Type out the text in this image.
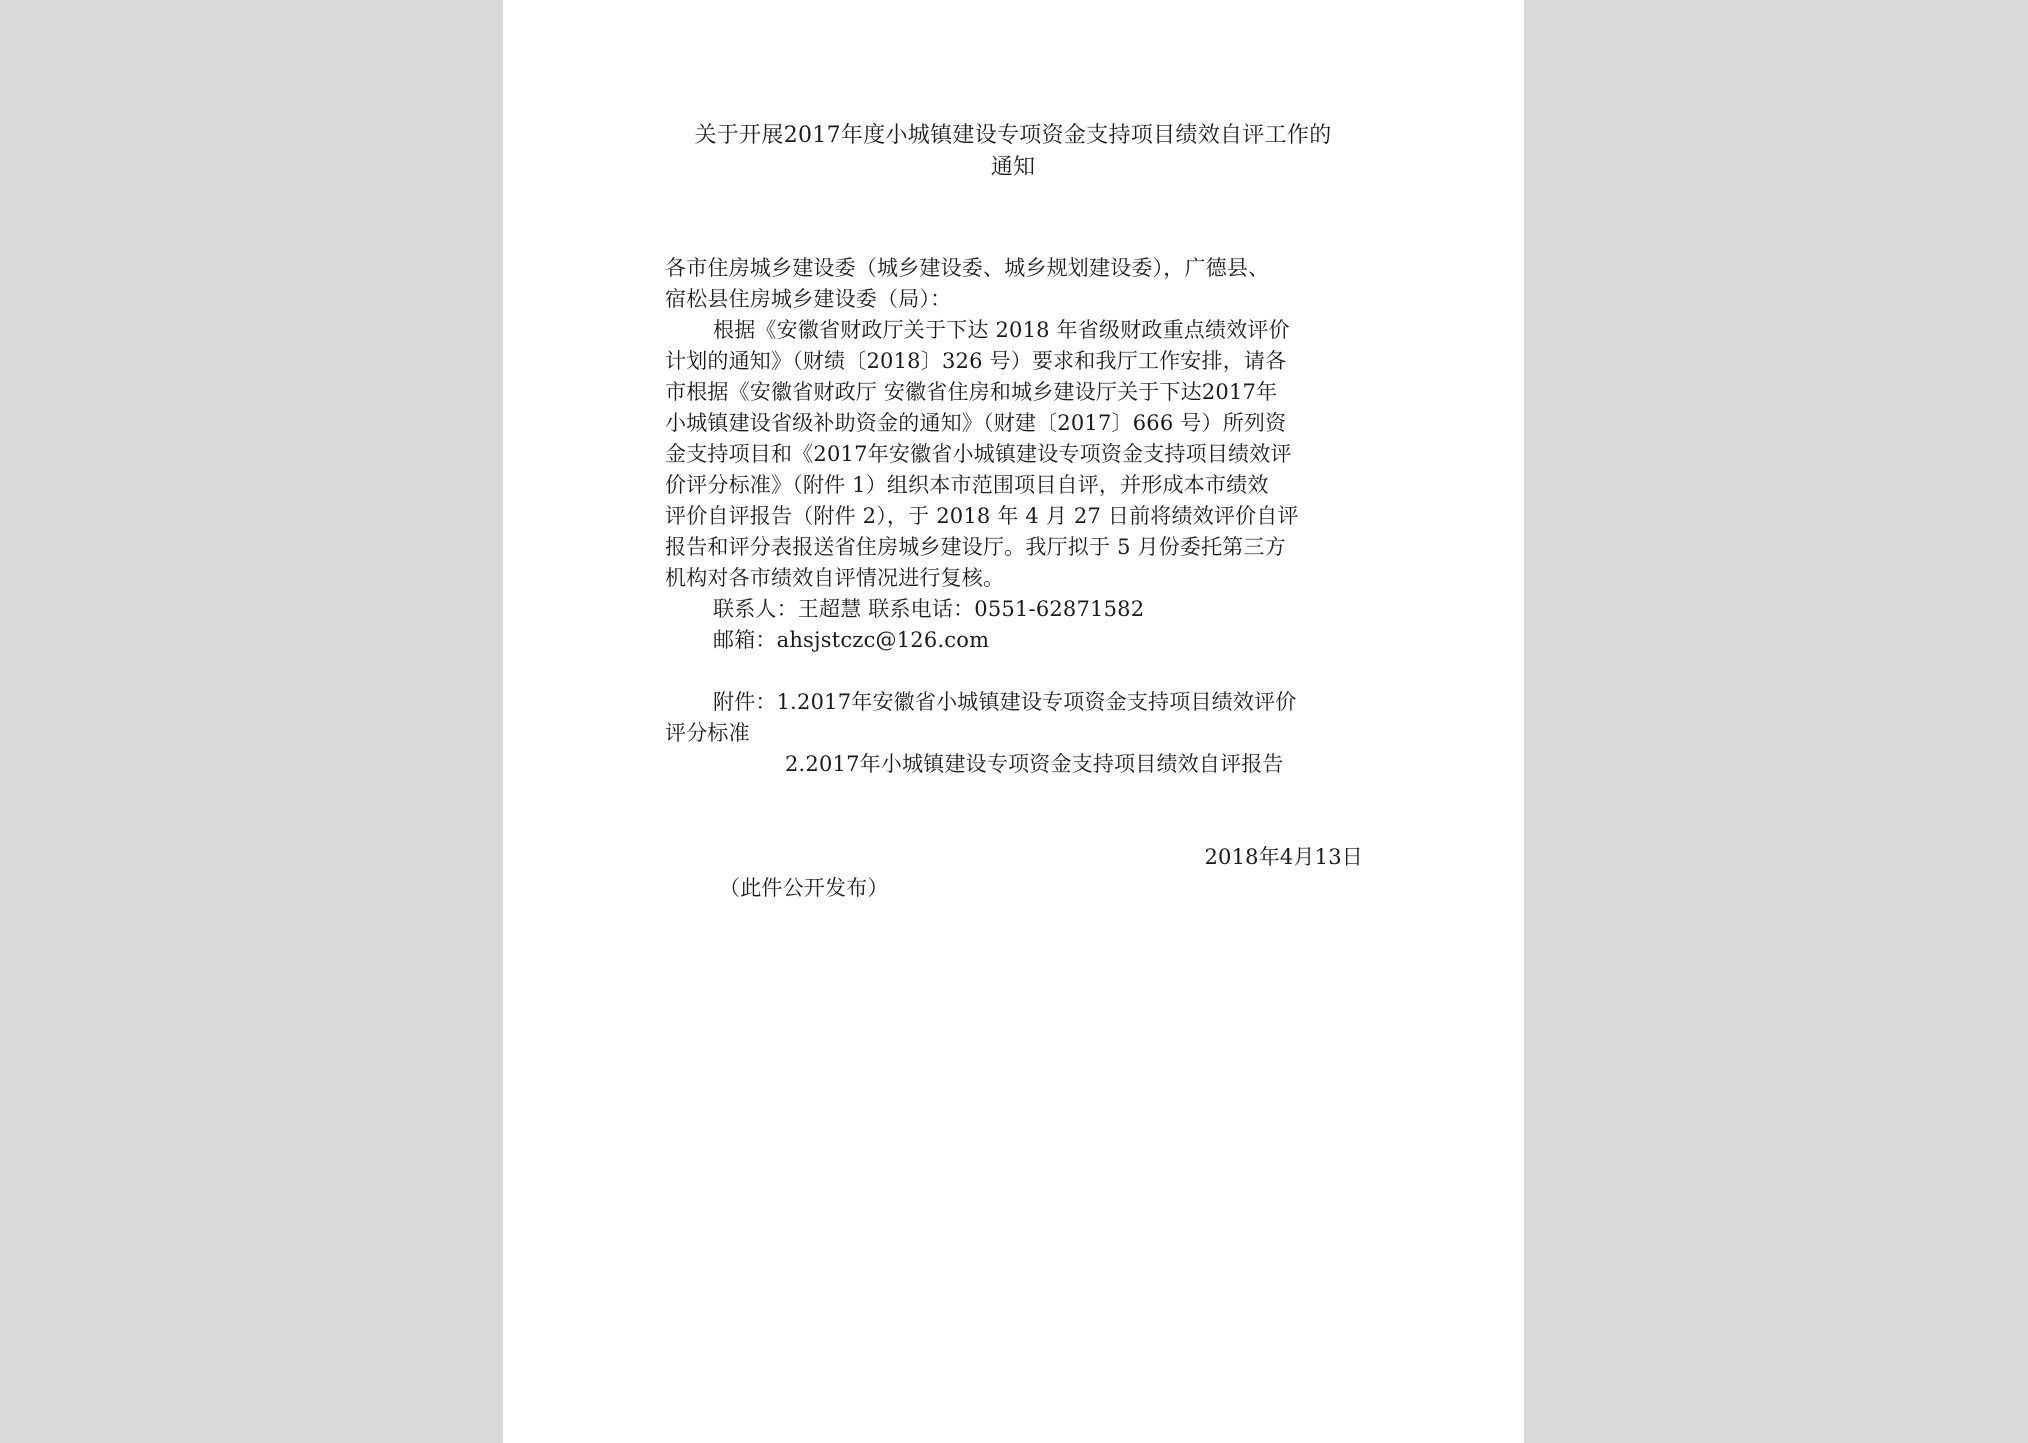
关于开展2017年度小城镇建设专项资金支持项目绩效自评工作的
通知

各市住房城乡建设委（城乡建设委、城乡规划建设委），广德县、

宿松县住房城乡建设委（局）：

根据《安徽省财政厅关于下达 2018 年省级财政重点绩效评价

计划的通知》（财绩〔2018〕326 号）要求和我厅工作安排，请各

市根据《安徽省财政厅 安徽省住房和城乡建设厅关于下达2017年

小城镇建设省级补助资金的通知》（财建〔2017〕666 号）所列资

金支持项目和《2017年安徽省小城镇建设专项资金支持项目绩效评

价评分标准》（附件 1）组织本市范围项目自评，并形成本市绩效

评价自评报告（附件 2），于 2018 年 4 月 27 日前将绩效评价自评

报告和评分表报送省住房城乡建设厅。我厅拟于 5 月份委托第三方

机构对各市绩效自评情况进行复核。

联系人：王超慧 联系电话：0551-62871582

邮箱：ahsjstczc@126.com

附件：1.2017年安徽省小城镇建设专项资金支持项目绩效评价

评分标准

2.2017年小城镇建设专项资金支持项目绩效自评报告

2018年4月13日

（此件公开发布）
